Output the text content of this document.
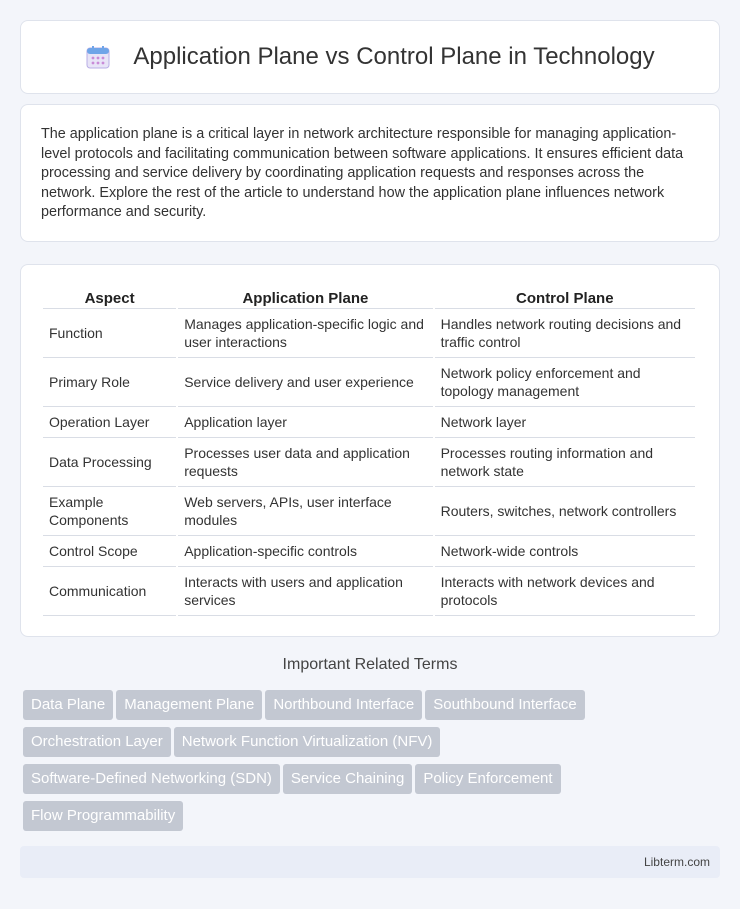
Application Plane vs Control Plane in Technology

The application plane is a critical layer in network architecture responsible for managing application-level protocols and facilitating communication between software applications. It ensures efficient data processing and service delivery by coordinating application requests and responses across the network. Explore the rest of the article to understand how the application plane influences network performance and security.

Aspect	Application Plane	Control Plane
Function	Manages application-specific logic and user interactions	Handles network routing decisions and traffic control
Primary Role	Service delivery and user experience	Network policy enforcement and topology management
Operation Layer	Application layer	Network layer
Data Processing	Processes user data and application requests	Processes routing information and network state
Example Components	Web servers, APIs, user interface modules	Routers, switches, network controllers
Control Scope	Application-specific controls	Network-wide controls
Communication	Interacts with users and application services	Interacts with network devices and protocols
Important Related Terms
Data Plane	Management Plane	Northbound Interface	Southbound Interface
Orchestration Layer	Network Function Virtualization (NFV)
Software-Defined Networking (SDN)	Service Chaining	Policy Enforcement
Flow Programmability
Libterm.com
